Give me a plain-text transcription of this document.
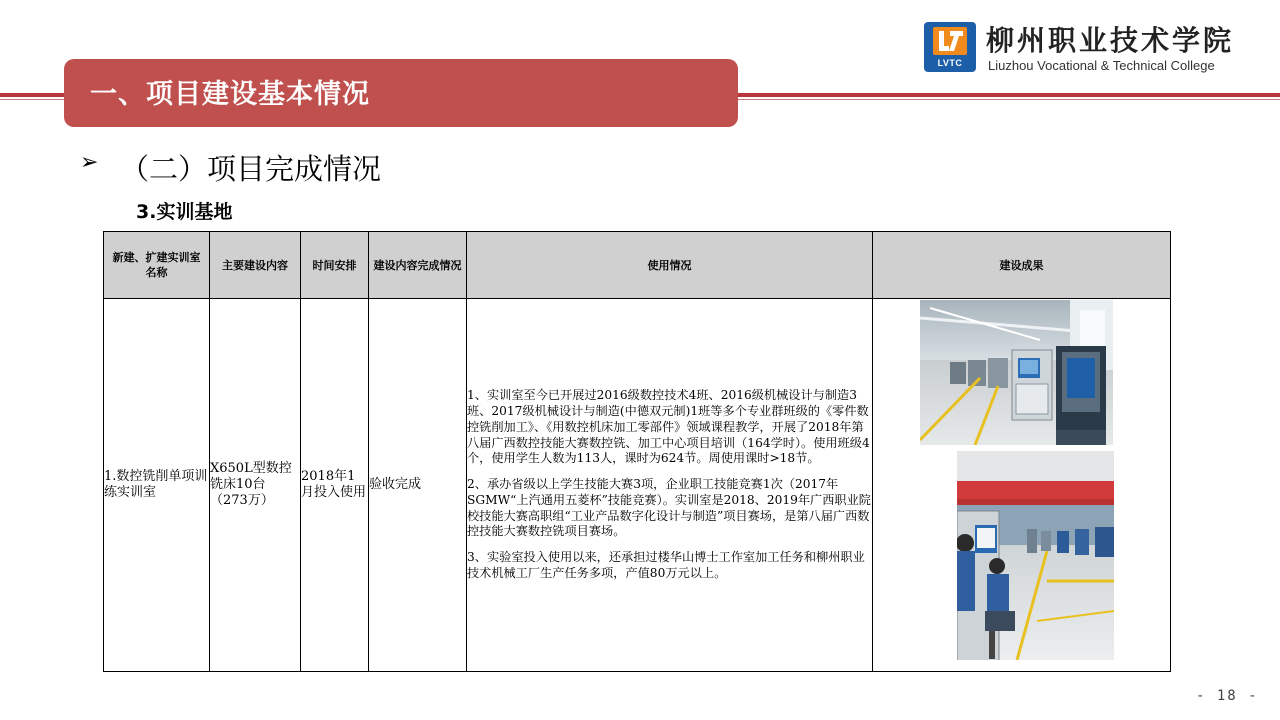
一、项目建设基本情况
LVTC
柳州职业技术学院
Liuzhou Vocational & Technical College
➢ （二）项目完成情况
3.实训基地
新建、扩建实训室名称	主要建设内容	时间安排	建设内容完成情况	使用情况	建设成果
1.数控铣削单项训练实训室	X650L型数控铣床10台（273万）	2018年1月投入使用	验收完成	1、实训室至今已开展过2016级数控技术4班、2016级机械设计与制造3班、2017级机械设计与制造(中德双元制)1班等多个专业群班级的《零件数控铣削加工》、《用数控机床加工零部件》领域课程教学，开展了2018年第八届广西数控技能大赛数控铣、加工中心项目培训（164学时）。使用班级4个，使用学生人数为113人，课时为624节。周使用课时>18节。

2、承办省级以上学生技能大赛3项，企业职工技能竞赛1次（2017年SGMW“上汽通用五菱杯”技能竞赛）。实训室是2018、2019年广西职业院校技能大赛高职组“工业产品数字化设计与制造”项目赛场，是第八届广西数控技能大赛数控铣项目赛场。

3、实验室投入使用以来，还承担过楼华山博士工作室加工任务和柳州职业技术机械工厂生产任务多项，产值80万元以上。

- 18 -
